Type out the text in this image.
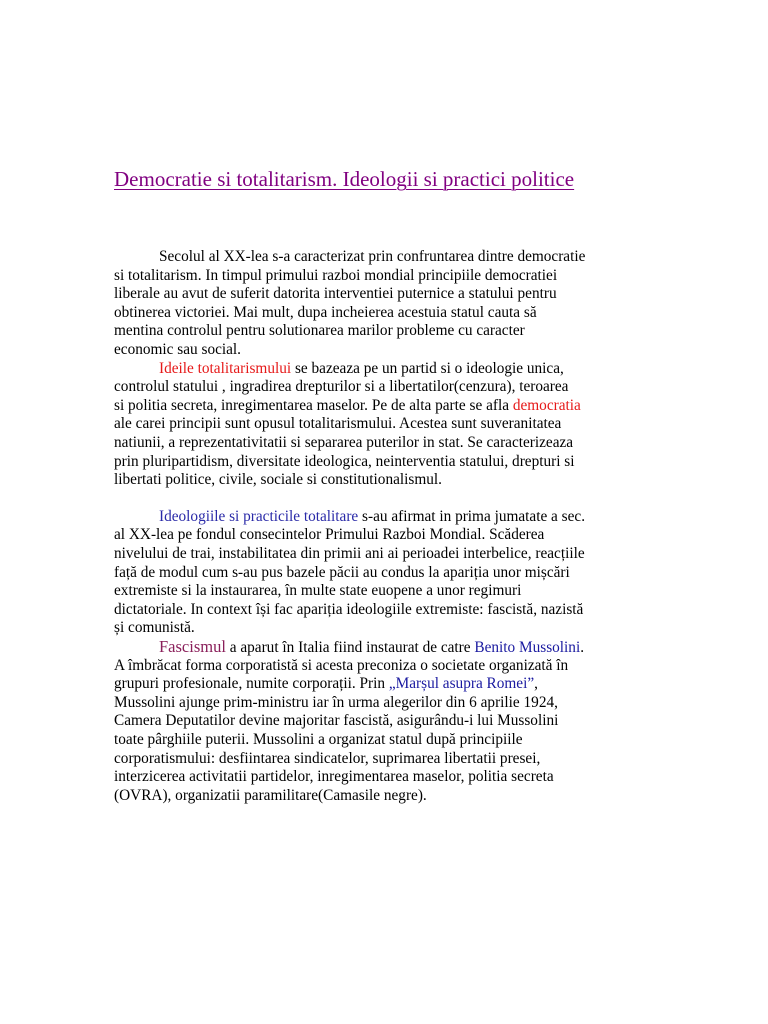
Democratie si totalitarism. Ideologii si practici politice
Secolul al XX-lea s-a caracterizat prin confruntarea dintre democratie
si totalitarism. In timpul primului razboi mondial principiile democratiei
liberale au avut de suferit datorita interventiei puternice a statului pentru
obtinerea victoriei. Mai mult, dupa incheierea acestuia statul cauta să
mentina controlul pentru solutionarea marilor probleme cu caracter
economic sau social.
Ideile totalitarismului se bazeaza pe un partid si o ideologie unica,
controlul statului , ingradirea drepturilor si a libertatilor(cenzura), teroarea
si politia secreta, inregimentarea maselor. Pe de alta parte se afla democratia
ale carei principii sunt opusul totalitarismului. Acestea sunt suveranitatea
natiunii, a reprezentativitatii si separarea puterilor in stat. Se caracterizeaza
prin pluripartidism, diversitate ideologica, neinterventia statului, drepturi si
libertati politice, civile, sociale si constitutionalismul.
Ideologiile si practicile totalitare s-au afirmat in prima jumatate a sec.
al XX-lea pe fondul consecintelor Primului Razboi Mondial. Scăderea
nivelului de trai, instabilitatea din primii ani ai perioadei interbelice, reacțiile
față de modul cum s-au pus bazele păcii au condus la apariția unor mișcări
extremiste si la instaurarea, în multe state euopene a unor regimuri
dictatoriale. In context își fac apariția ideologiile extremiste: fascistă, nazistă
și comunistă.
Fascismul a aparut în Italia fiind instaurat de catre Benito Mussolini.
A îmbrăcat forma corporatistă si acesta preconiza o societate organizată în
grupuri profesionale, numite corporații. Prin „Marșul asupra Romei”,
Mussolini ajunge prim-ministru iar în urma alegerilor din 6 aprilie 1924,
Camera Deputatilor devine majoritar fascistă, asigurându-i lui Mussolini
toate pârghiile puterii. Mussolini a organizat statul după principiile
corporatismului: desfiintarea sindicatelor, suprimarea libertatii presei,
interzicerea activitatii partidelor, inregimentarea maselor, politia secreta
(OVRA), organizatii paramilitare(Camasile negre).
